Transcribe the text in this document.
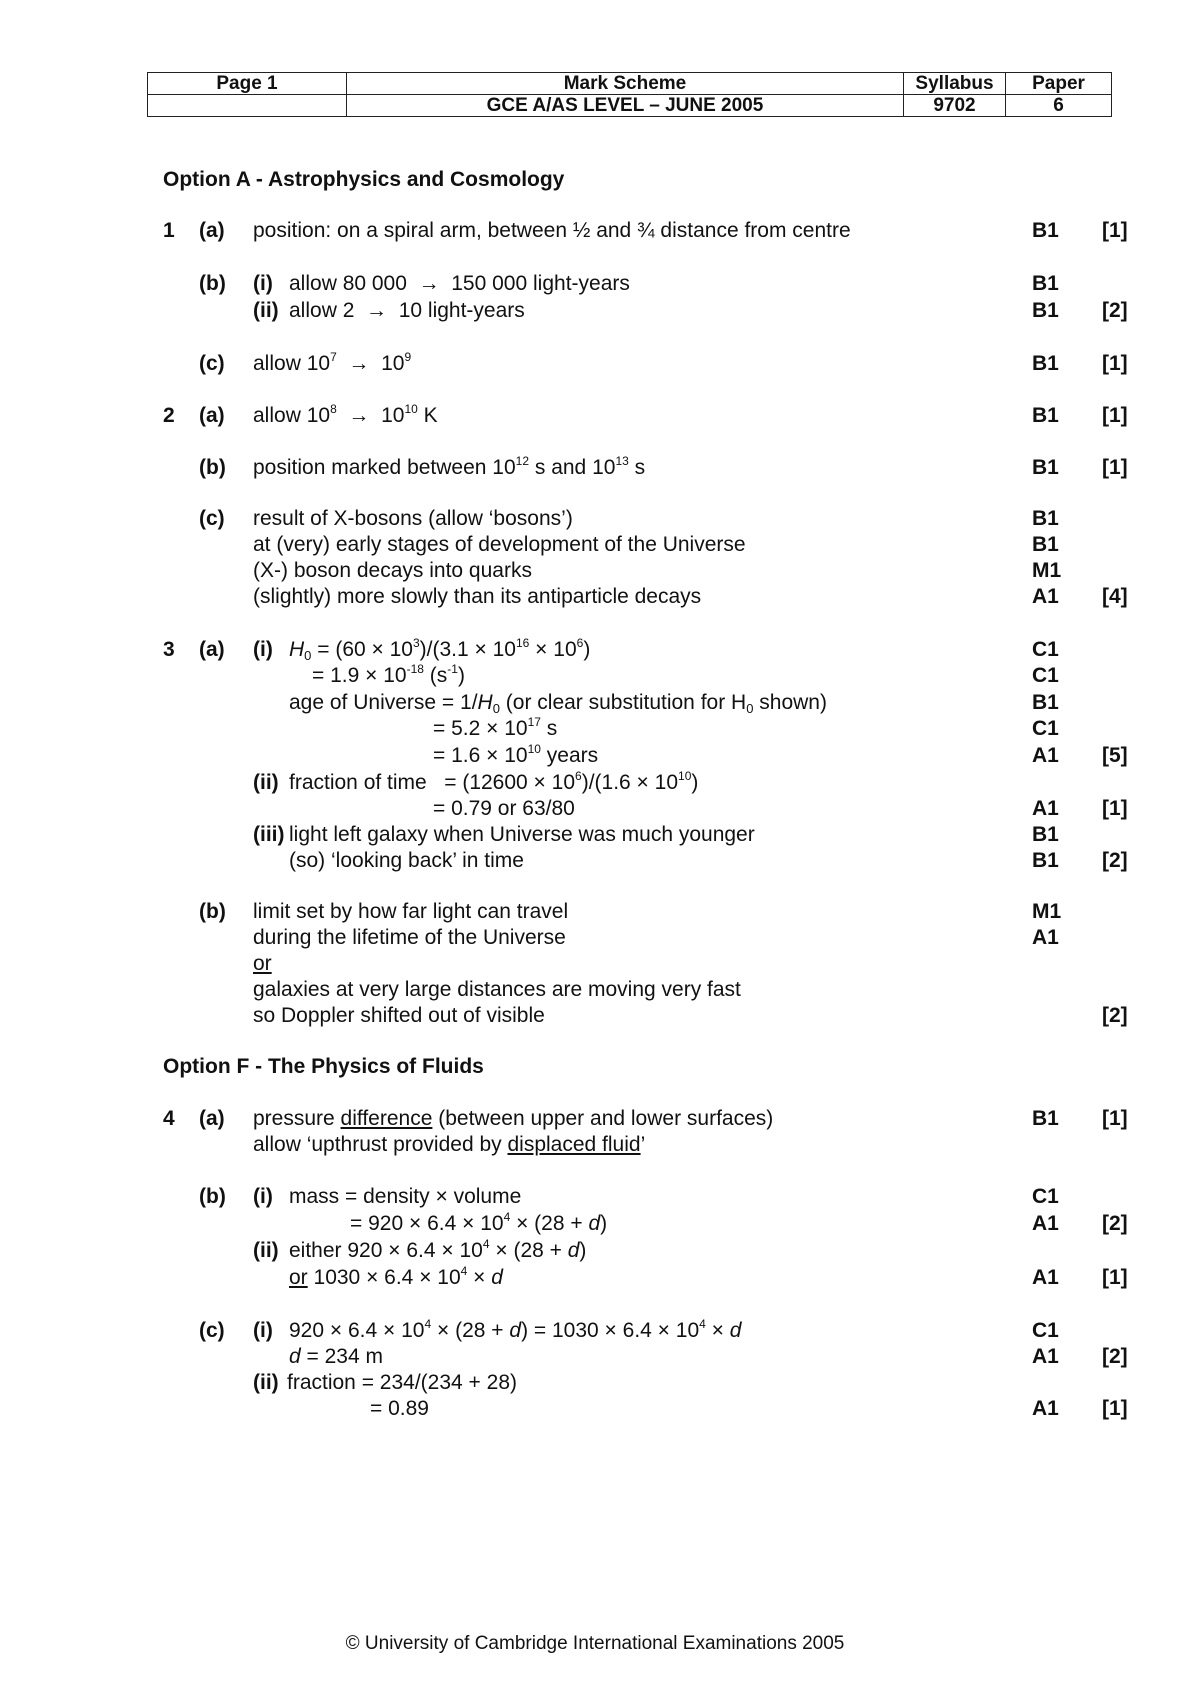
Page 1	Mark Scheme	Syllabus	Paper
	GCE A/AS LEVEL – JUNE 2005	9702	6
Option A - Astrophysics and Cosmology
1 (a) position: on a spiral arm, between ½ and ¾ distance from centre	B1 [1]
(b) (i) allow 80 000  →  150 000 light-years	B1
(ii) allow 2  →  10 light-years	B1 [2]
(c) allow $10^7 \to 10^9$	B1 [1]
2 (a) allow $10^8 \to 10^{10}$ K	B1 [1]
(b) position marked between $10^{12}$ s and $10^{13}$ s	B1 [1]
(c) result of X-bosons (allow ‘bosons’)	B1
at (very) early stages of development of the Universe	B1
(X-) boson decays into quarks	M1
(slightly) more slowly than its antiparticle decays	A1 [4]
3 (a) (i) $H_0 = (60 \times 10^3)/(3.1 \times 10^{16} \times 10^6)$	C1
= $1.9 \times 10^{-18}$ $(s^{-1})$	C1
age of Universe = $1/H_0$ (or clear substitution for $H_0$ shown)	B1
= $5.2 \times 10^{17}$ s	C1
= $1.6 \times 10^{10}$ years	A1 [5]
(ii) fraction of time   = $(12600 \times 10^6)/(1.6 \times 10^{10})$
= 0.79 or 63/80	A1 [1]
(iii) light left galaxy when Universe was much younger	B1
(so) ‘looking back’ in time	B1 [2]
(b) limit set by how far light can travel	M1
during the lifetime of the Universe	A1
or
galaxies at very large distances are moving very fast
so Doppler shifted out of visible	[2]
Option F - The Physics of Fluids
4 (a) pressure difference (between upper and lower surfaces)	B1 [1]
allow ‘upthrust provided by displaced fluid’
(b) (i) mass = density × volume	C1
= $920 \times 6.4 \times 10^4 \times (28 + d)$	A1 [2]
(ii) either $920 \times 6.4 \times 10^4 \times (28 + d)$
or $1030 \times 6.4 \times 10^4 \times d$	A1 [1]
(c) (i) $920 \times 6.4 \times 10^4 \times (28 + d) = 1030 \times 6.4 \times 10^4 \times d$	C1
d = 234 m	A1 [2]
(ii) fraction = 234/(234 + 28)
= 0.89	A1 [1]
© University of Cambridge International Examinations 2005
